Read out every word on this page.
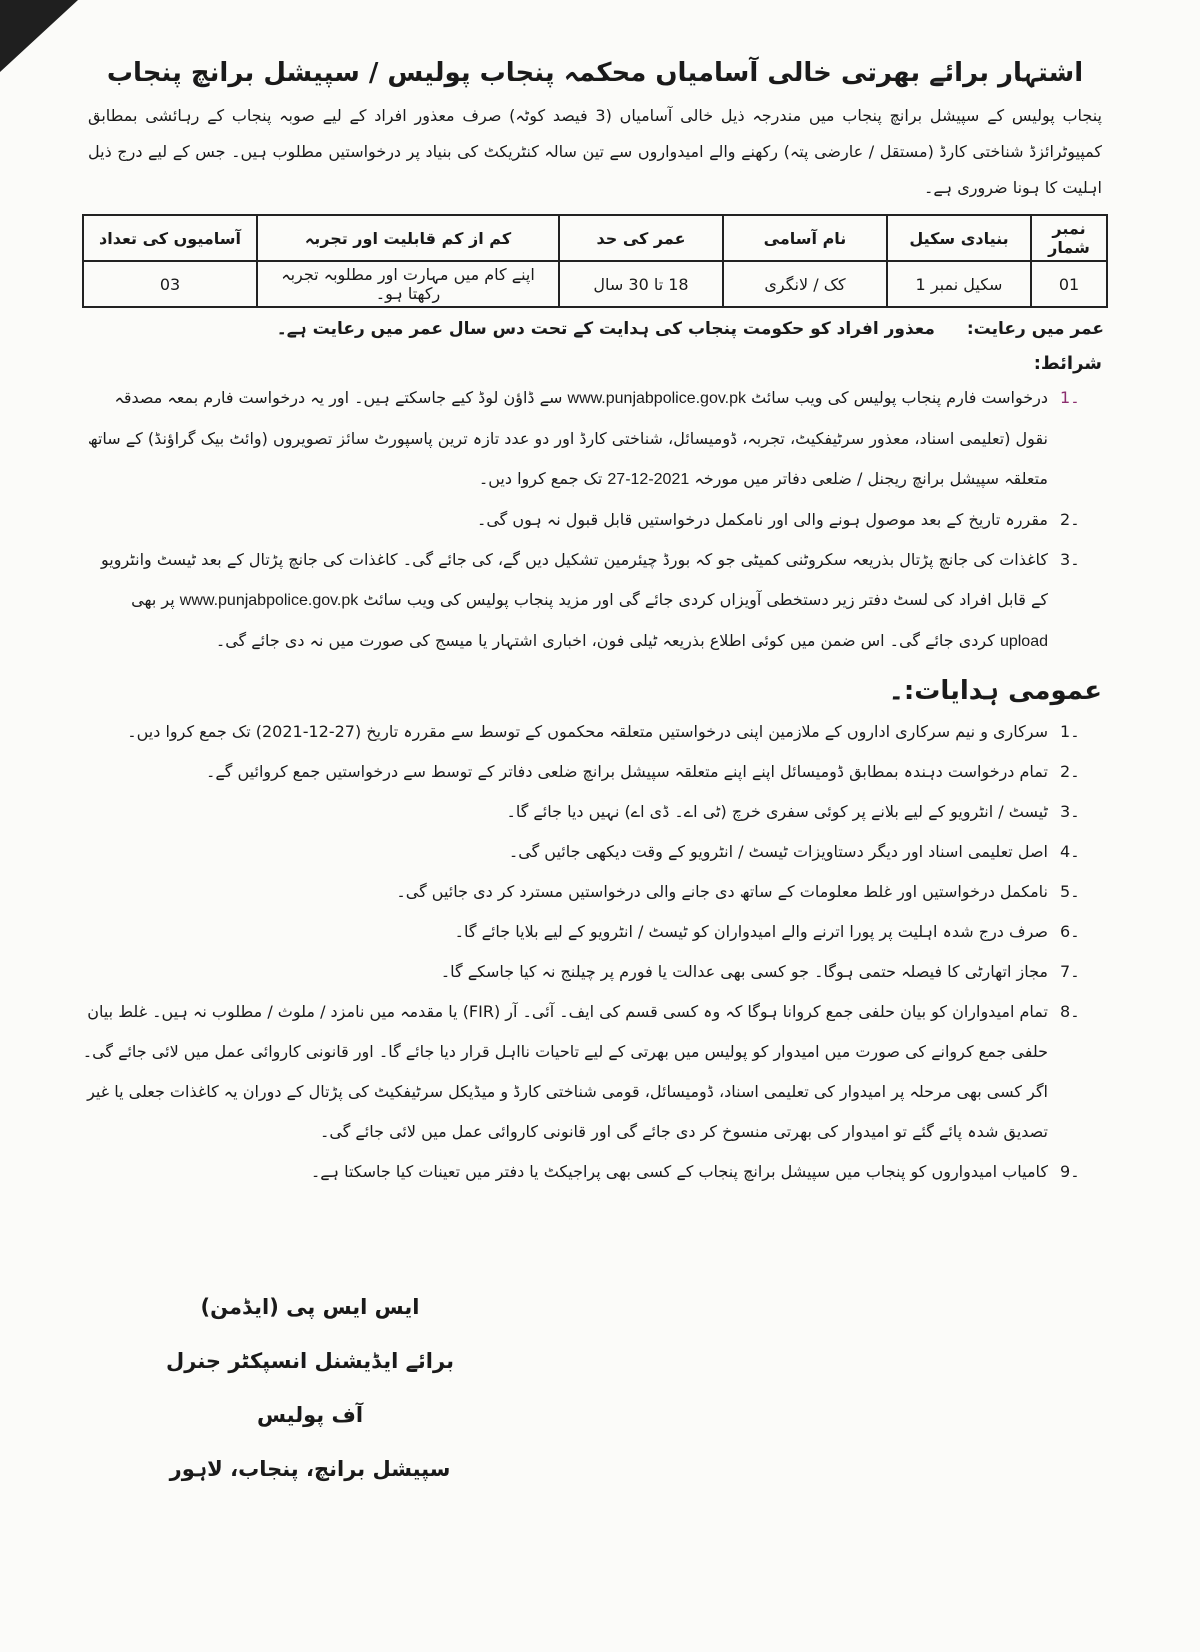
اشتہار برائے بھرتی خالی آسامیاں محکمہ پنجاب پولیس / سپیشل برانچ پنجاب

پنجاب پولیس کے سپیشل برانچ پنجاب میں مندرجہ ذیل خالی آسامیاں (3 فیصد کوٹہ) صرف معذور افراد کے لیے صوبہ پنجاب کے رہائشی بمطابق کمپیوٹرائزڈ شناختی کارڈ (مستقل / عارضی پتہ) رکھنے والے امیدواروں سے تین سالہ کنٹریکٹ کی بنیاد پر درخواستیں مطلوب ہیں۔ جس کے لیے درج ذیل اہلیت کا ہونا ضروری ہے۔

نمبر شمار	بنیادی سکیل	نام آسامی	عمر کی حد	کم از کم قابلیت اور تجربہ	آسامیوں کی تعداد
01	سکیل نمبر 1	کک / لانگری	18 تا 30 سال	اپنے کام میں مہارت اور مطلوبہ تجربہ رکھتا ہو۔	03
عمر میں رعایت: معذور افراد کو حکومت پنجاب کی ہدایت کے تحت دس سال عمر میں رعایت ہے۔
شرائط:
1۔
درخواست فارم پنجاب پولیس کی ویب سائٹ www.punjabpolice.gov.pk سے ڈاؤن لوڈ کیے جاسکتے ہیں۔ اور یہ درخواست فارم بمعہ مصدقہ نقول (تعلیمی اسناد، معذور سرٹیفکیٹ، تجربہ، ڈومیسائل، شناختی کارڈ اور دو عدد تازہ ترین پاسپورٹ سائز تصویروں (وائٹ بیک گراؤنڈ) کے ساتھ متعلقہ سپیشل برانچ ریجنل / ضلعی دفاتر میں مورخہ 27-12-2021 تک جمع کروا دیں۔
2۔
مقررہ تاریخ کے بعد موصول ہونے والی اور نامکمل درخواستیں قابل قبول نہ ہوں گی۔
3۔
کاغذات کی جانچ پڑتال بذریعہ سکروٹنی کمیٹی جو کہ بورڈ چیئرمین تشکیل دیں گے، کی جائے گی۔ کاغذات کی جانچ پڑتال کے بعد ٹیسٹ وانٹرویو کے قابل افراد کی لسٹ دفتر زیر دستخطی آویزاں کردی جائے گی اور مزید پنجاب پولیس کی ویب سائٹ www.punjabpolice.gov.pk پر بھی upload کردی جائے گی۔ اس ضمن میں کوئی اطلاع بذریعہ ٹیلی فون، اخباری اشتہار یا میسج کی صورت میں نہ دی جائے گی۔
عمومی ہدایات:۔
1۔
سرکاری و نیم سرکاری اداروں کے ملازمین اپنی درخواستیں متعلقہ محکموں کے توسط سے مقررہ تاریخ (27-12-2021) تک جمع کروا دیں۔
2۔
تمام درخواست دہندہ بمطابق ڈومیسائل اپنے اپنے متعلقہ سپیشل برانچ ضلعی دفاتر کے توسط سے درخواستیں جمع کروائیں گے۔
3۔
ٹیسٹ / انٹرویو کے لیے بلانے پر کوئی سفری خرچ (ٹی اے۔ ڈی اے) نہیں دیا جائے گا۔
4۔
اصل تعلیمی اسناد اور دیگر دستاویزات ٹیسٹ / انٹرویو کے وقت دیکھی جائیں گی۔
5۔
نامکمل درخواستیں اور غلط معلومات کے ساتھ دی جانے والی درخواستیں مسترد کر دی جائیں گی۔
6۔
صرف درج شدہ اہلیت پر پورا اترنے والے امیدواران کو ٹیسٹ / انٹرویو کے لیے بلایا جائے گا۔
7۔
مجاز اتھارٹی کا فیصلہ حتمی ہوگا۔ جو کسی بھی عدالت یا فورم پر چیلنج نہ کیا جاسکے گا۔
8۔
تمام امیدواران کو بیان حلفی جمع کروانا ہوگا کہ وہ کسی قسم کی ایف۔ آئی۔ آر (FIR) یا مقدمہ میں نامزد / ملوث / مطلوب نہ ہیں۔ غلط بیان حلفی جمع کروانے کی صورت میں امیدوار کو پولیس میں بھرتی کے لیے تاحیات نااہل قرار دیا جائے گا۔ اور قانونی کاروائی عمل میں لائی جائے گی۔ اگر کسی بھی مرحلہ پر امیدوار کی تعلیمی اسناد، ڈومیسائل، قومی شناختی کارڈ و میڈیکل سرٹیفکیٹ کی پڑتال کے دوران یہ کاغذات جعلی یا غیر تصدیق شدہ پائے گئے تو امیدوار کی بھرتی منسوخ کر دی جائے گی اور قانونی کاروائی عمل میں لائی جائے گی۔
9۔
کامیاب امیدواروں کو پنجاب میں سپیشل برانچ پنجاب کے کسی بھی پراجیکٹ یا دفتر میں تعینات کیا جاسکتا ہے۔
ایس ایس پی (ایڈمن)
برائے ایڈیشنل انسپکٹر جنرل آف پولیس
سپیشل برانچ، پنجاب، لاہور
